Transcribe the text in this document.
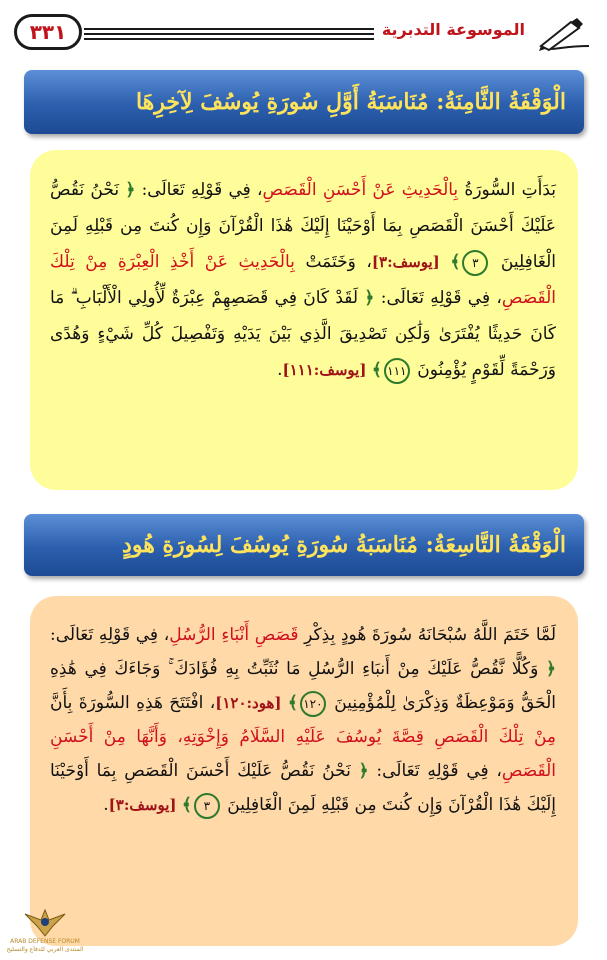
٣٣١	الموسوعة التدبرية
الْوَقْفَةُ الثَّامِنَةُ: مُنَاسَبَةُ أَوَّلِ سُورَةِ يُوسُفَ لِآخِرِهَا

بَدَأَتِ السُّورَةُ بِالْحَدِيثِ عَنْ أَحْسَنِ الْقَصَصِ، فِي قَوْلِهِ تَعَالَى: ﴿ نَحْنُ نَقُصُّ عَلَيْكَ أَحْسَنَ الْقَصَصِ بِمَا أَوْحَيْنَا إِلَيْكَ هَٰذَا الْقُرْآنَ وَإِن كُنتَ مِن قَبْلِهِ لَمِنَ الْغَافِلِينَ ٣﴾ [يوسف:٣]، وَخَتَمَتْ بِالْحَدِيثِ عَنْ أَخْذِ الْعِبْرَةِ مِنْ تِلْكَ الْقَصَصِ، فِي قَوْلِهِ تَعَالَى: ﴿ لَقَدْ كَانَ فِي قَصَصِهِمْ عِبْرَةٌ لِّأُولِي الْأَلْبَابِ ۗ مَا كَانَ حَدِيثًا يُفْتَرَىٰ وَلَٰكِن تَصْدِيقَ الَّذِي بَيْنَ يَدَيْهِ وَتَفْصِيلَ كُلِّ شَيْءٍ وَهُدًى وَرَحْمَةً لِّقَوْمٍ يُؤْمِنُونَ ١١١﴾ [يوسف:١١١].

الْوَقْفَةُ التَّاسِعَةُ: مُنَاسَبَةُ سُورَةِ يُوسُفَ لِسُورَةِ هُودٍ

لَمَّا خَتَمَ اللَّهُ سُبْحَانَهُ سُورَةَ هُودٍ بِذِكْرِ قَصَصِ أَنْبَاءِ الرُّسُلِ، فِي قَوْلِهِ تَعَالَى: ﴿ وَكُلًّا نَّقُصُّ عَلَيْكَ مِنْ أَنبَاءِ الرُّسُلِ مَا نُثَبِّتُ بِهِ فُؤَادَكَ ۚ وَجَاءَكَ فِي هَٰذِهِ الْحَقُّ وَمَوْعِظَةٌ وَذِكْرَىٰ لِلْمُؤْمِنِينَ ١٢٠﴾ [هود:١٢٠]، افْتَتَحَ هَذِهِ السُّورَةَ بِأَنَّ مِنْ تِلْكَ الْقَصَصِ قِصَّةَ يُوسُفَ عَلَيْهِ السَّلَامُ وَإِخْوَتِهِ، وَأَنَّهَا مِنْ أَحْسَنِ الْقَصَصِ، فِي قَوْلِهِ تَعَالَى: ﴿ نَحْنُ نَقُصُّ عَلَيْكَ أَحْسَنَ الْقَصَصِ بِمَا أَوْحَيْنَا إِلَيْكَ هَٰذَا الْقُرْآنَ وَإِن كُنتَ مِن قَبْلِهِ لَمِنَ الْغَافِلِينَ ٣﴾ [يوسف:٣].

ARAB DEFENSE FORUM
المنتدى العربي للدفاع والتسليح
